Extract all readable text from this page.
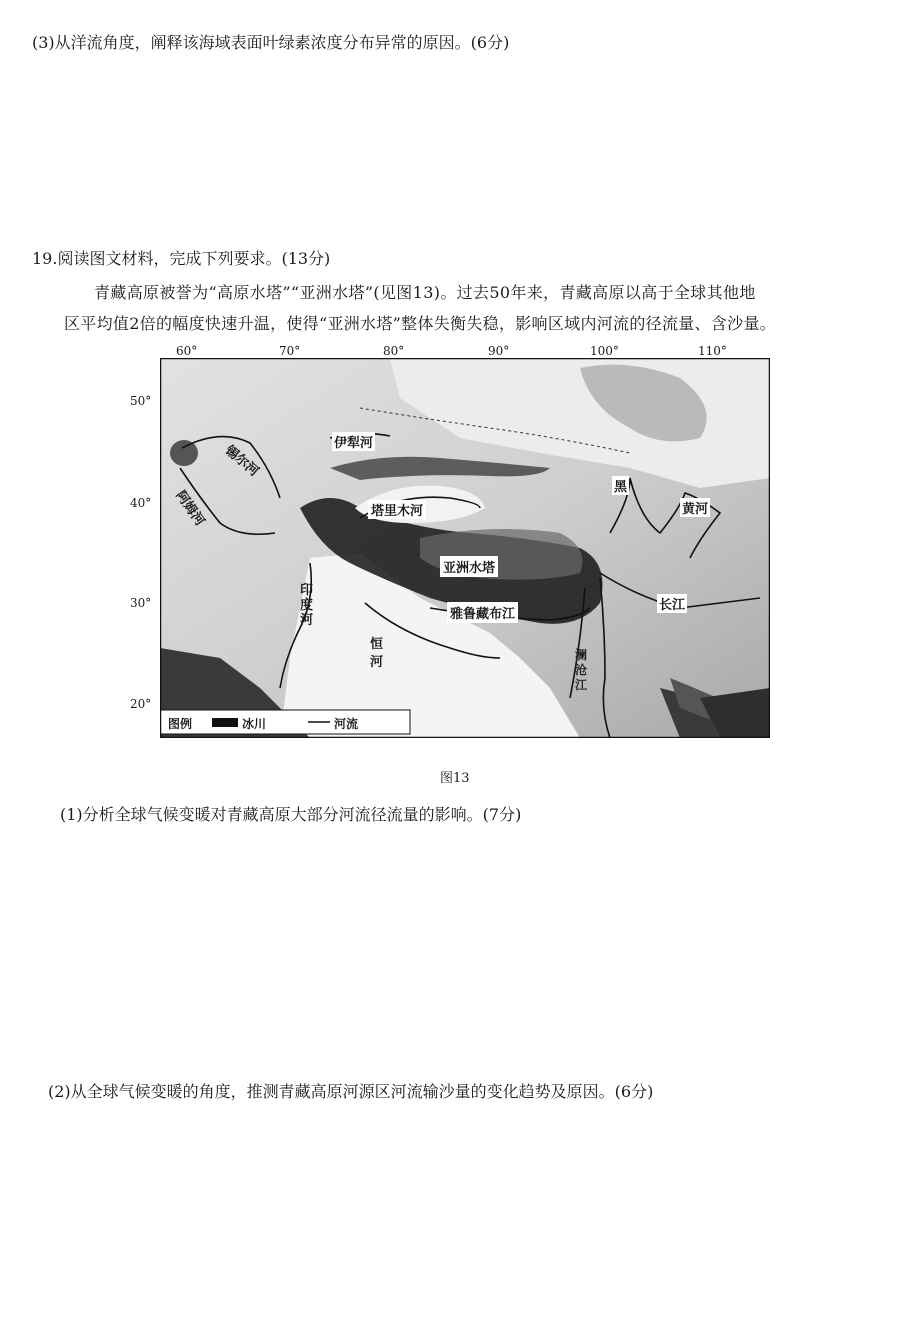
(3)从洋流角度，阐释该海域表面叶绿素浓度分布异常的原因。(6分)
19.阅读图文材料，完成下列要求。(13分)
青藏高原被誉为“高原水塔”“亚洲水塔”(见图13)。过去50年来，青藏高原以高于全球其他地
区平均值2倍的幅度快速升温，使得“亚洲水塔”整体失衡失稳，影响区域内河流的径流量、含沙量。
60°	70°	80°	90°	100°	110°
50°
40°
30°
20°
锡尔河
阿姆河
伊犁河
塔里木河
亚洲水塔
雅鲁藏布江
印度河
恒河
黄河
长江
黑
澜沧江
图例	冰川	河流
图13
(1)分析全球气候变暖对青藏高原大部分河流径流量的影响。(7分)
(2)从全球气候变暖的角度，推测青藏高原河源区河流输沙量的变化趋势及原因。(6分)
